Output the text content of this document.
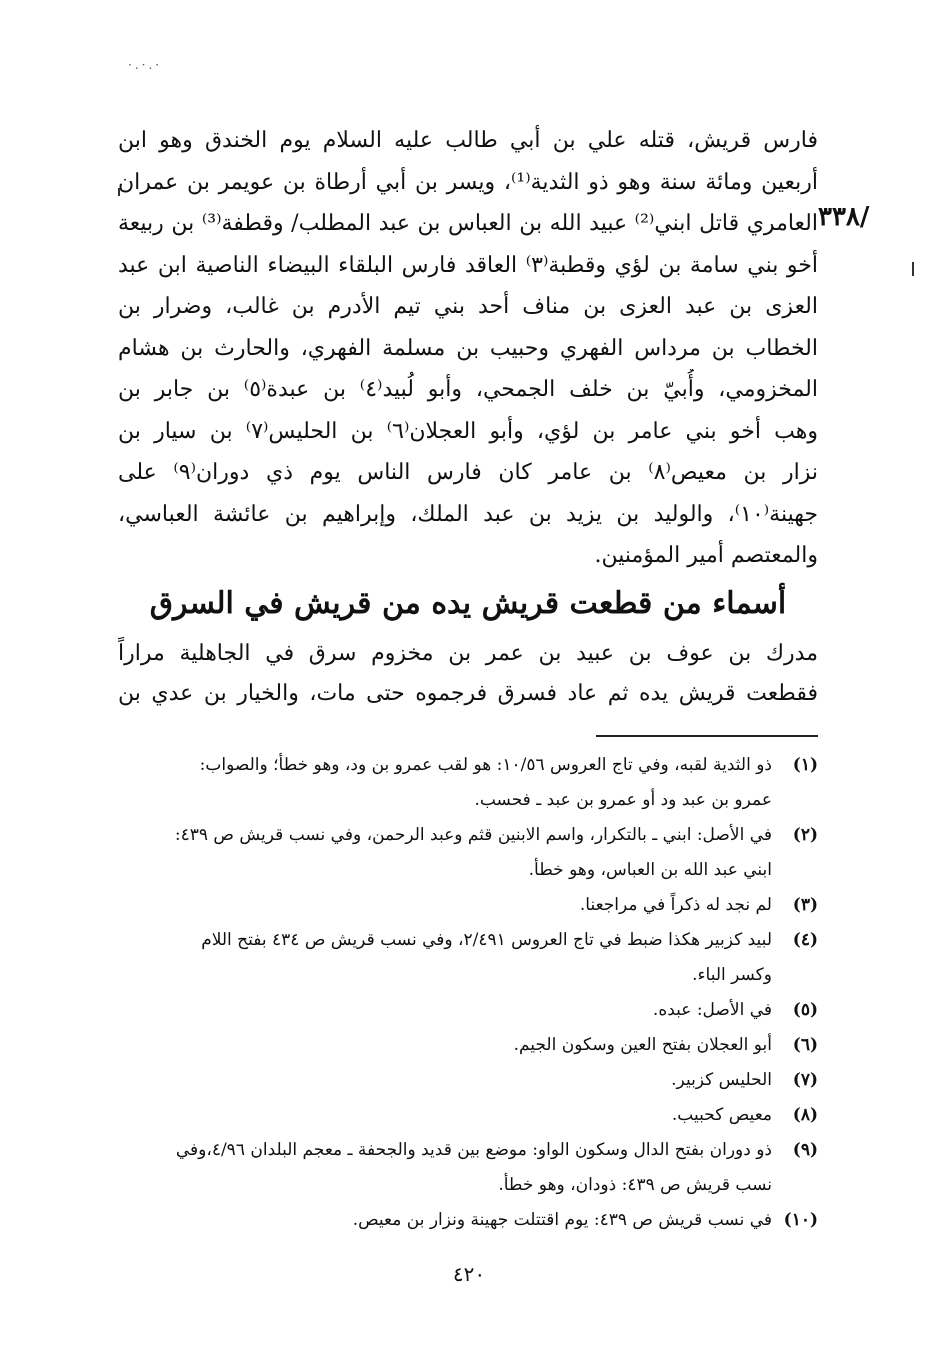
·.·.·
/٣٣٨
فارس قريش، قتله علي بن أبي طالب عليه السلام يوم الخندق وهو ابن
أربعين ومائة سنة وهو ذو الثدية⁽¹⁾، ويسر بن أبي أرطاة بن عويمر بن عمران
العامري قاتل ابني⁽²⁾ عبيد الله بن العباس بن عبد المطلب/ وقطفة⁽³⁾ بن ربيعة
أخو بني سامة بن لؤي وقطبة⁽٣⁾ العاقد فارس البلقاء البيضاء الناصية ابن عبد
العزى بن عبد العزى بن مناف أحد بني تيم الأدرم بن غالب، وضرار بن
الخطاب بن مرداس الفهري وحبيب بن مسلمة الفهري، والحارث بن هشام
المخزومي، وأُبيّ بن خلف الجمحي، وأبو لُبيد⁽٤⁾ بن عبدة⁽٥⁾ بن جابر بن
وهب أخو بني عامر بن لؤي، وأبو العجلان⁽٦⁾ بن الحليس⁽٧⁾ بن سيار بن
نزار بن معيص⁽٨⁾ بن عامر كان فارس الناس يوم ذي دوران⁽٩⁾ على
جهينة⁽١٠⁾، والوليد بن يزيد بن عبد الملك، وإبراهيم بن عائشة العباسي،
والمعتصم أمير المؤمنين.
أسماء من قطعت قريش يده من قريش في السرق
مدرك بن عوف بن عبيد بن عمر بن مخزوم سرق في الجاهلية مراراً
فقطعت قريش يده ثم عاد فسرق فرجموه حتى مات، والخيار بن عدي بن
(١)
ذو الثدية لقبه، وفي تاج العروس ١٠/٥٦: هو لقب عمرو بن ود، وهو خطأ؛ والصواب:
عمرو بن عبد ود أو عمرو بن عبد ـ فحسب.
(٢)
في الأصل: ابني ـ بالتكرار، واسم الابنين قثم وعبد الرحمن، وفي نسب قريش ص ٤٣٩:
ابني عبد الله بن العباس، وهو خطأ.
(٣)
لم نجد له ذكراً في مراجعنا.
(٤)
لبيد كزبير هكذا ضبط في تاج العروس ٢/٤٩١، وفي نسب قريش ص ٤٣٤ بفتح اللام
وكسر الباء.
(٥)
في الأصل: عبده.
(٦)
أبو العجلان بفتح العين وسكون الجيم.
(٧)
الحليس كزبير.
(٨)
معيص كحبيب.
(٩)
ذو دوران بفتح الدال وسكون الواو: موضع بين قديد والجحفة ـ معجم البلدان ٤/٩٦،وفي
نسب قريش ص ٤٣٩: ذودان، وهو خطأ.
(١٠)
في نسب قريش ص ٤٣٩: يوم اقتتلت جهينة ونزار بن معيص.
٤٢٠
